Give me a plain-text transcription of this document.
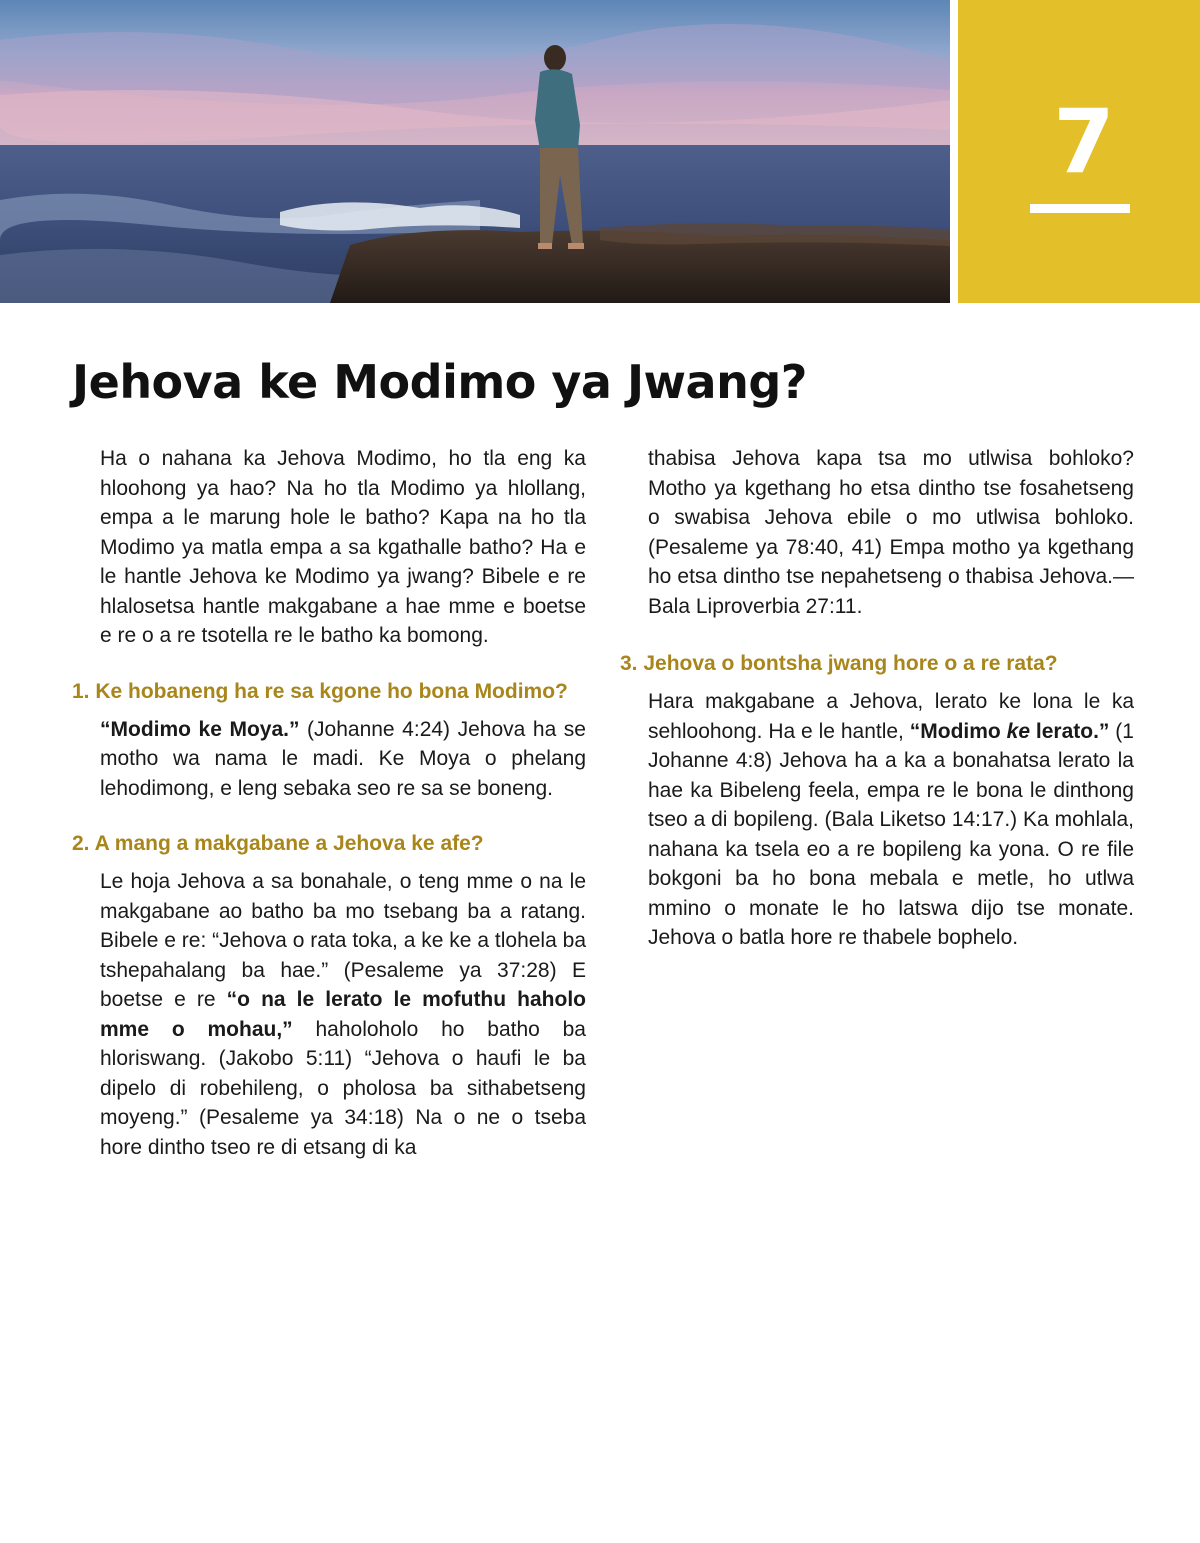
7
Jehova ke Modimo ya Jwang?

Ha o nahana ka Jehova Modimo, ho tla eng ka hloohong ya hao? Na ho tla Modimo ya hlollang, empa a le marung hole le batho? Kapa na ho tla Modimo ya matla empa a sa kgathalle batho? Ha e le hantle Jehova ke Modimo ya jwang? Bibele e re hlalosetsa hantle makgabane a hae mme e boetse e re o a re tsotella re le batho ka bomong.

1. Ke hobaneng ha re sa kgone ho bona Modimo?

“Modimo ke Moya.” (Johanne 4:24) Jehova ha se motho wa nama le madi. Ke Moya o phelang lehodimong, e leng sebaka seo re sa se boneng.

2. A mang a makgabane a Jehova ke afe?

Le hoja Jehova a sa bonahale, o teng mme o na le makgabane ao batho ba mo tsebang ba a ratang. Bibele e re: “Jehova o rata toka, a ke ke a tlohela ba tshepahalang ba hae.” (Pesaleme ya 37:28) E boetse e re “o na le lerato le mofuthu haholo mme o mohau,” haholoholo ho batho ba hloriswang. (Jakobo 5:11) “Jehova o haufi le ba dipelo di robehileng, o pholosa ba sithabetseng moyeng.” (Pesaleme ya 34:18) Na o ne o tseba hore dintho tseo re di etsang di ka

thabisa Jehova kapa tsa mo utlwisa bohloko? Motho ya kgethang ho etsa dintho tse fosahetseng o swabisa Jehova ebile o mo utlwisa bohloko. (Pesaleme ya 78:40, 41) Empa motho ya kgethang ho etsa dintho tse nepahetseng o thabisa Jehova.—Bala Liproverbia 27:11.

3. Jehova o bontsha jwang hore o a re rata?

Hara makgabane a Jehova, lerato ke lona le ka sehloohong. Ha e le hantle, “Modimo ke lerato.” (1 Johanne 4:8) Jehova ha a ka a bonahatsa lerato la hae ka Bibeleng feela, empa re le bona le dinthong tseo a di bopileng. (Bala Liketso 14:17.) Ka mohlala, nahana ka tsela eo a re bopileng ka yona. O re file bokgoni ba ho bona mebala e metle, ho utlwa mmino o monate le ho latswa dijo tse monate. Jehova o batla hore re thabele bophelo.
